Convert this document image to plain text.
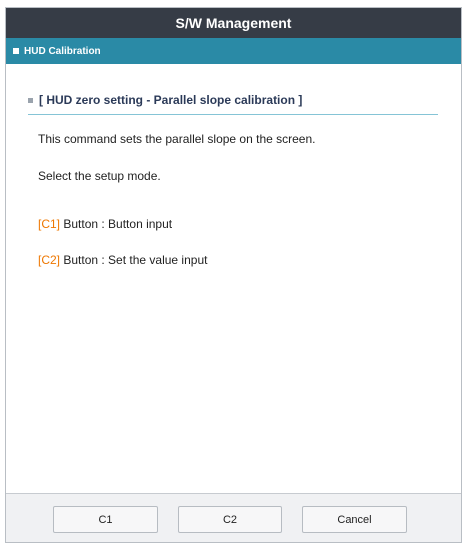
S/W Management
HUD Calibration
[ HUD zero setting - Parallel slope calibration ]
This command sets the parallel slope on the screen.
Select the setup mode.
[C1] Button : Button input
[C2] Button : Set the value input
C1	C2	Cancel
